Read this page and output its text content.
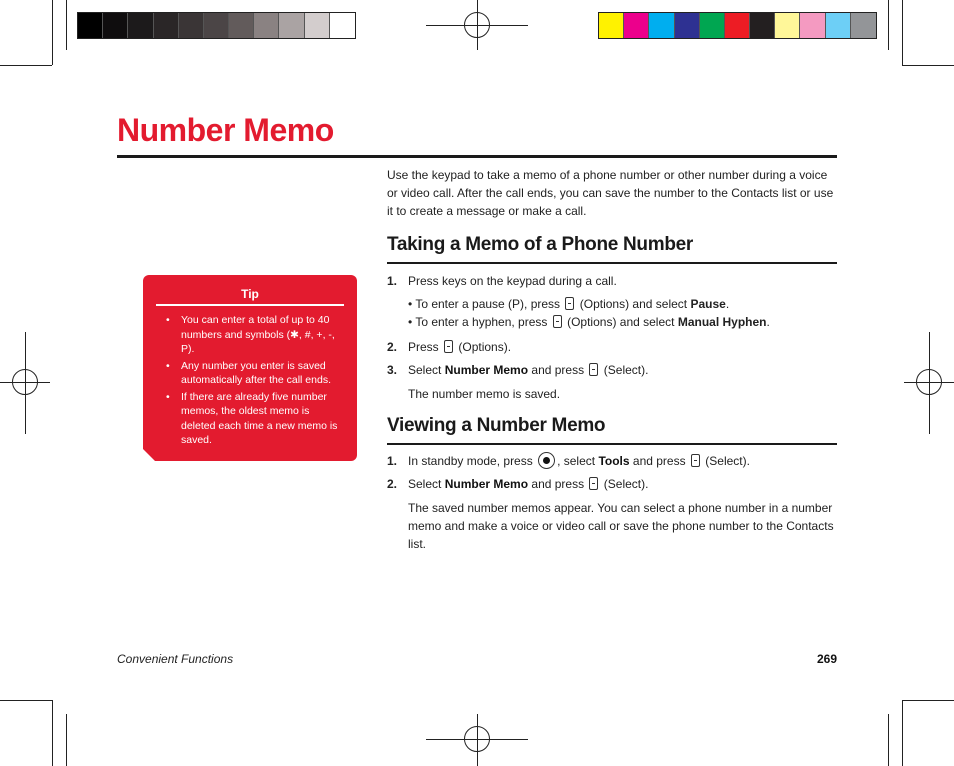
Number Memo
Use the keypad to take a memo of a phone number or other number during a voice or video call. After the call ends, you can save the number to the Contacts list or use it to create a message or make a call.
Taking a Memo of a Phone Number
1. Press keys on the keypad during a call.
• To enter a pause (P), press (Options) and select Pause.
• To enter a hyphen, press (Options) and select Manual Hyphen.
2. Press (Options).
3. Select Number Memo and press (Select).
The number memo is saved.
Viewing a Number Memo
1. In standby mode, press , select Tools and press (Select).
2. Select Number Memo and press (Select).
The saved number memos appear. You can select a phone number in a number memo and make a voice or video call or save the phone number to the Contacts list.
Tip
• You can enter a total of up to 40 numbers and symbols (✱, #, +, -, P).
• Any number you enter is saved automatically after the call ends.
• If there are already five number memos, the oldest memo is deleted each time a new memo is saved.
Convenient Functions	269
